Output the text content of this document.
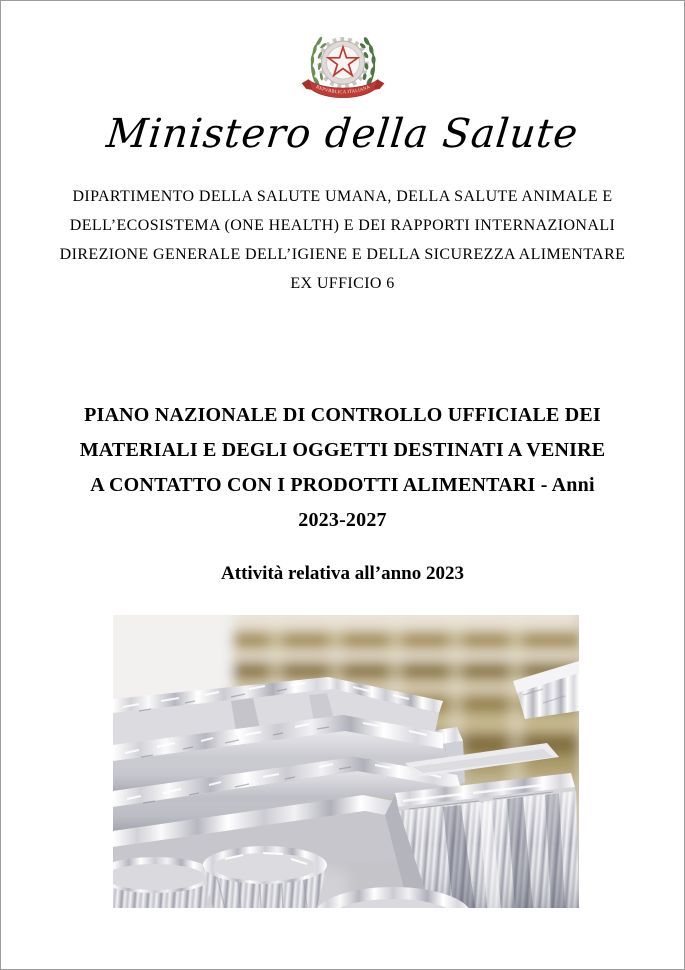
REPVBBLICA ITALIANA
Ministero della Salute
DIPARTIMENTO DELLA SALUTE UMANA, DELLA SALUTE ANIMALE E
DELL’ECOSISTEMA (ONE HEALTH) E DEI RAPPORTI INTERNAZIONALI
DIREZIONE GENERALE DELL’IGIENE E DELLA SICUREZZA ALIMENTARE
EX UFFICIO 6
PIANO NAZIONALE DI CONTROLLO UFFICIALE DEI
MATERIALI E DEGLI OGGETTI DESTINATI A VENIRE
A CONTATTO CON I PRODOTTI ALIMENTARI - Anni
2023-2027
Attività relativa all’anno 2023
